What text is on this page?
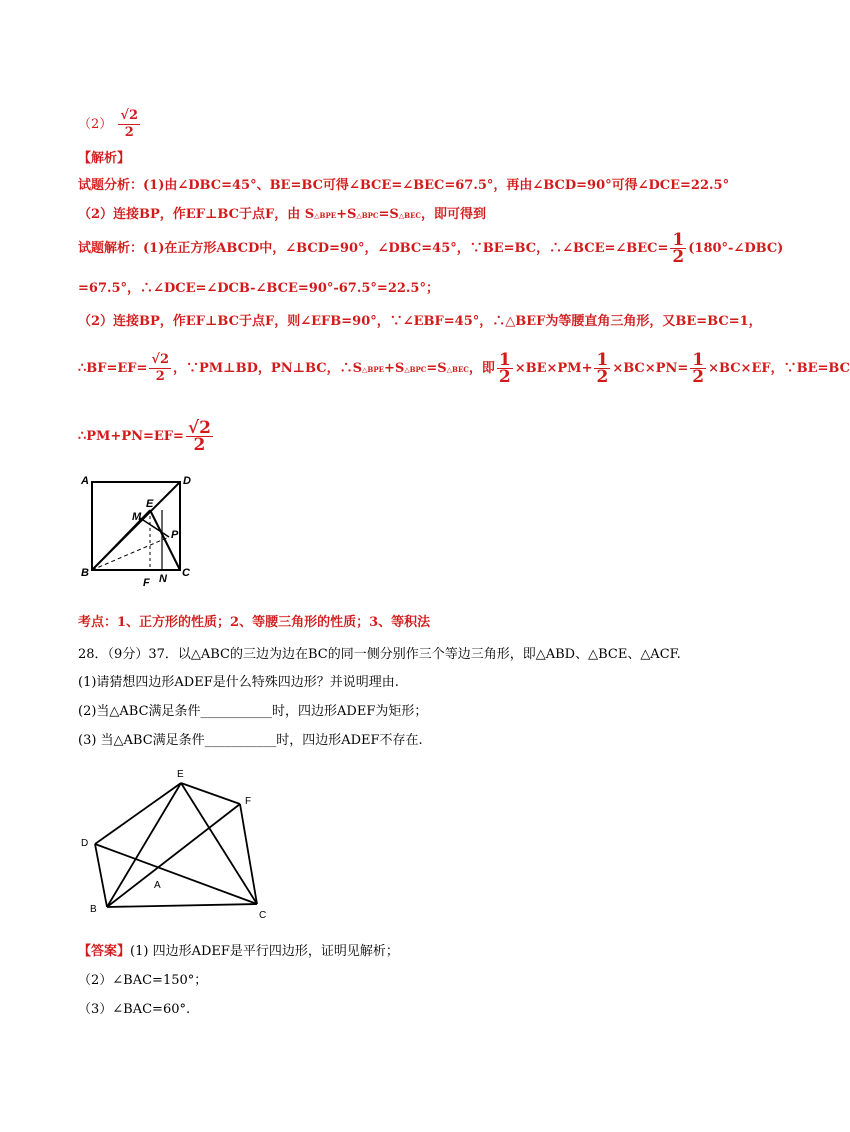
$(2) \frac{√2}{2}$
【解析】
试题分析：(1)由∠DBC=45°、BE=BC可得∠BCE=∠BEC=67.5°，再由∠BCD=90°可得∠DCE=22.5°
（2）连接BP，作EF⊥BC于点F，由 S△BPE+S△BPC=S△BEC，即可得到
试题解析：(1)在正方形ABCD中，∠BCD=90°，∠DBC=45°，∵BE=BC，∴∠BCE=∠BEC= $\frac{1}{2}$ (180°-∠DBC)
=67.5°，∴∠DCE=∠DCB-∠BCE=90°-67.5°=22.5°；
（2）连接BP，作EF⊥BC于点F，则∠EFB=90°，∵∠EBF=45°，∴△BEF为等腰直角三角形，又BE=BC=1，
∴BF=EF= $\frac{√2}{2}$ ，∵PM⊥BD，PN⊥BC，∴S△BPE+S△BPC=S△BEC，即 $\frac{1}{2} \times BE\times PM+ \frac{1}{2} \times BC\times PN= \frac{1}{2} \times BC\times EF$，∵BE=BC
∴PM+PN=EF= $\frac{√2}{2}$
A	D
E
M
P
B
F N C
考点：1、正方形的性质；2、等腰三角形的性质；3、等积法
28．（9分）37．以△ABC的三边为边在BC的同一侧分别作三个等边三角形，即△ABD、△BCE、△ACF.
(1)请猜想四边形ADEF是什么特殊四边形？并说明理由.
(2)当△ABC满足条件___________时，四边形ADEF为矩形；
(3) 当△ABC满足条件___________时，四边形ADEF不存在.
E
F
D
A
B
C
【答案】(1) 四边形ADEF是平行四边形，证明见解析；
（2）∠BAC=150°；
（3）∠BAC=60°.
